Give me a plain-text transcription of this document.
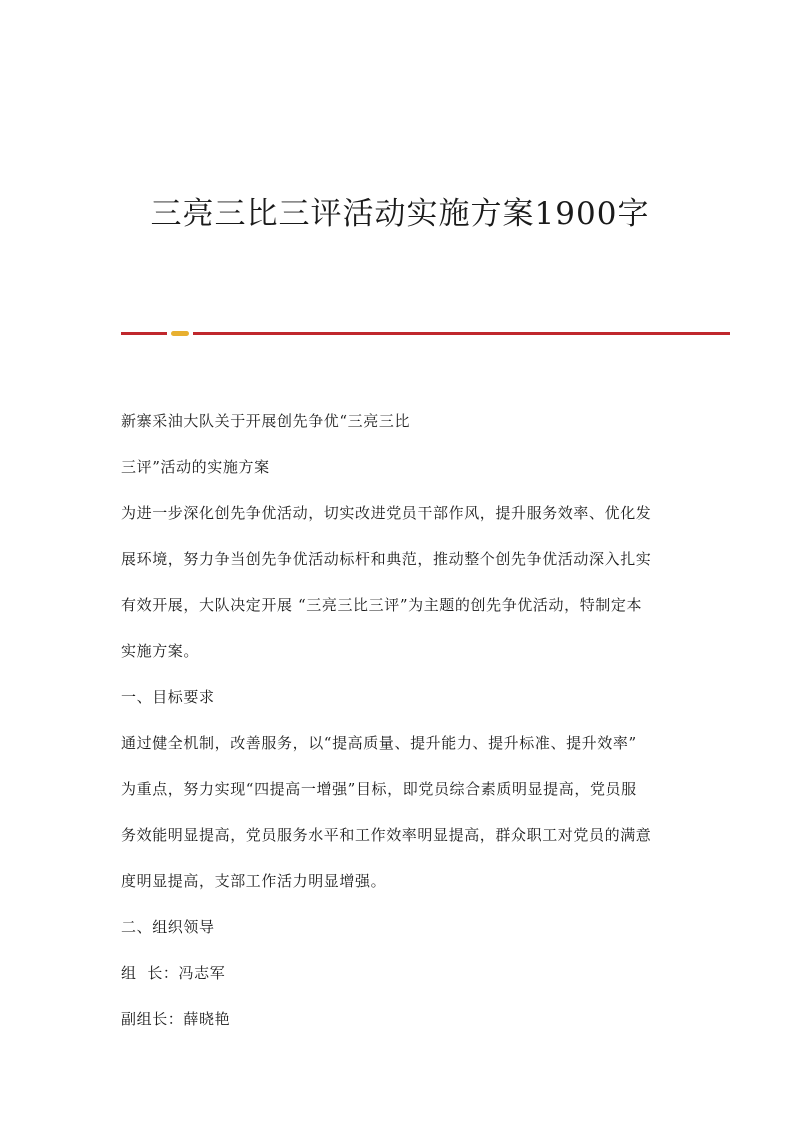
三亮三比三评活动实施方案1900字

新寨采油大队关于开展创先争优“三亮三比

三评”活动的实施方案

为进一步深化创先争优活动，切实改进党员干部作风，提升服务效率、优化发

展环境，努力争当创先争优活动标杆和典范，推动整个创先争优活动深入扎实

有效开展，大队决定开展 “三亮三比三评”为主题的创先争优活动，特制定本

实施方案。

一、目标要求

通过健全机制，改善服务，以“提高质量、提升能力、提升标准、提升效率”

为重点，努力实现“四提高一增强”目标，即党员综合素质明显提高，党员服

务效能明显提高，党员服务水平和工作效率明显提高，群众职工对党员的满意

度明显提高，支部工作活力明显增强。

二、组织领导

组  长：冯志军

副组长：薛晓艳
